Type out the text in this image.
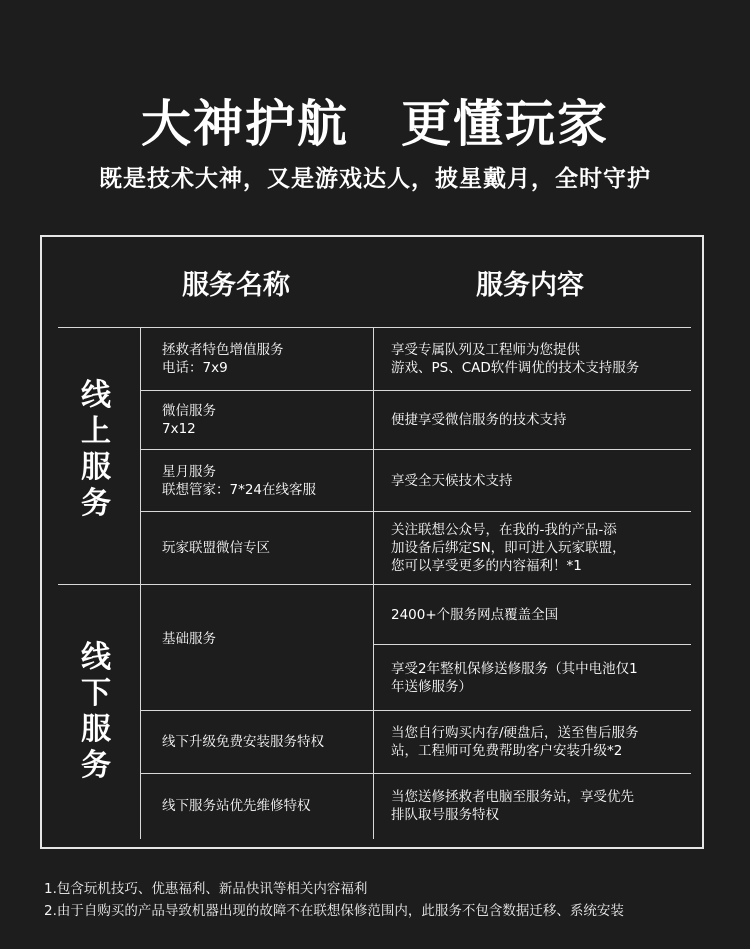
大神护航　更懂玩家
既是技术大神，又是游戏达人，披星戴月，全时守护
服务名称	服务内容
线
上
服
务
线
下
服
务
拯救者特色增值服务
电话：7x9
享受专属队列及工程师为您提供
游戏、PS、CAD软件调优的技术支持服务
微信服务
7x12
便捷享受微信服务的技术支持
星月服务
联想管家：7*24在线客服
享受全天候技术支持
玩家联盟微信专区
关注联想公众号，在我的-我的产品-添
加设备后绑定SN，即可进入玩家联盟，
您可以享受更多的内容福利！*1
基础服务
2400+个服务网点覆盖全国
享受2年整机保修送修服务（其中电池仅1
年送修服务）
线下升级免费安装服务特权
当您自行购买内存/硬盘后，送至售后服务
站，工程师可免费帮助客户安装升级*2
线下服务站优先维修特权
当您送修拯救者电脑至服务站，享受优先
排队取号服务特权
1.包含玩机技巧、优惠福利、新品快讯等相关内容福利
2.由于自购买的产品导致机器出现的故障不在联想保修范围内，此服务不包含数据迁移、系统安装
